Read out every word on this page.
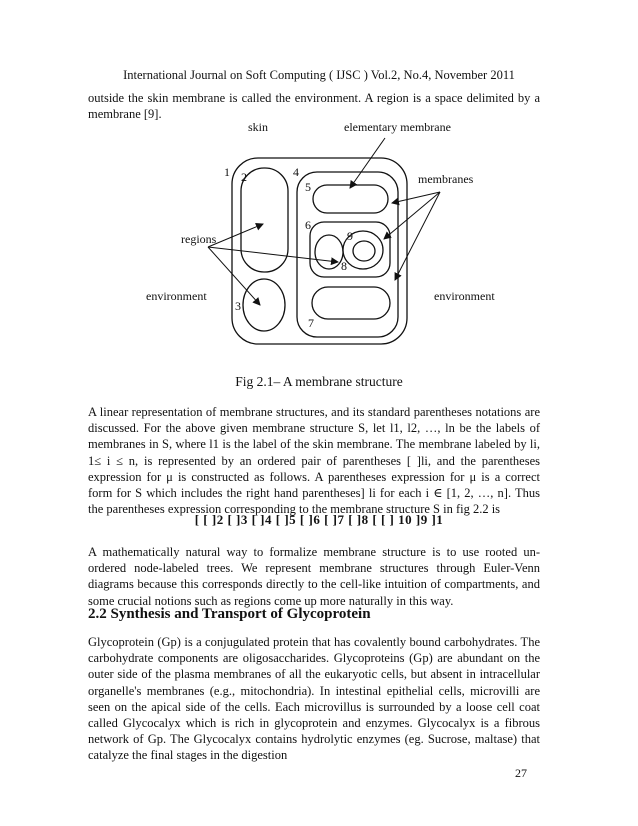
International Journal on Soft Computing ( IJSC ) Vol.2, No.4, November 2011
outside the skin membrane is called the environment. A region is a space delimited by a membrane [9].
skin	elementary membrane
membranes
regions
environment	environment
1 2
3
4
5
6
7
8
9
Fig 2.1– A membrane structure
A linear representation of membrane structures, and its standard parentheses notations are discussed. For the above given membrane structure S, let l1, l2, …, ln be the labels of membranes in S, where l1 is the label of the skin membrane. The membrane labeled by li, 1≤ i ≤ n, is represented by an ordered pair of parentheses [ ]li, and the parentheses expression for μ is constructed as follows. A parentheses expression for μ is a correct form for S which includes the right hand parentheses] li for each i ∈ [1, 2, …, n]. Thus the parentheses expression corresponding to the membrane structure S in fig 2.2 is
[ [ ]2 [ ]3 [ ]4 [ ]5 [ ]6 [ ]7 [ ]8 [ [ ] 10 ]9 ]1
A mathematically natural way to formalize membrane structure is to use rooted un-ordered node-labeled trees. We represent membrane structures through Euler-Venn diagrams because this corresponds directly to the cell-like intuition of compartments, and some crucial notions such as regions come up more naturally in this way.
2.2 Synthesis and Transport of Glycoprotein
Glycoprotein (Gp) is a conjugulated protein that has covalently bound carbohydrates. The carbohydrate components are oligosaccharides. Glycoproteins (Gp) are abundant on the outer side of the plasma membranes of all the eukaryotic cells, but absent in intracellular organelle's membranes (e.g., mitochondria). In intestinal epithelial cells, microvilli are seen on the apical side of the cells. Each microvillus is surrounded by a loose cell coat called Glycocalyx which is rich in glycoprotein and enzymes. Glycocalyx is a fibrous network of Gp. The Glycocalyx contains hydrolytic enzymes (eg. Sucrose, maltase) that catalyze the final stages in the digestion
27
